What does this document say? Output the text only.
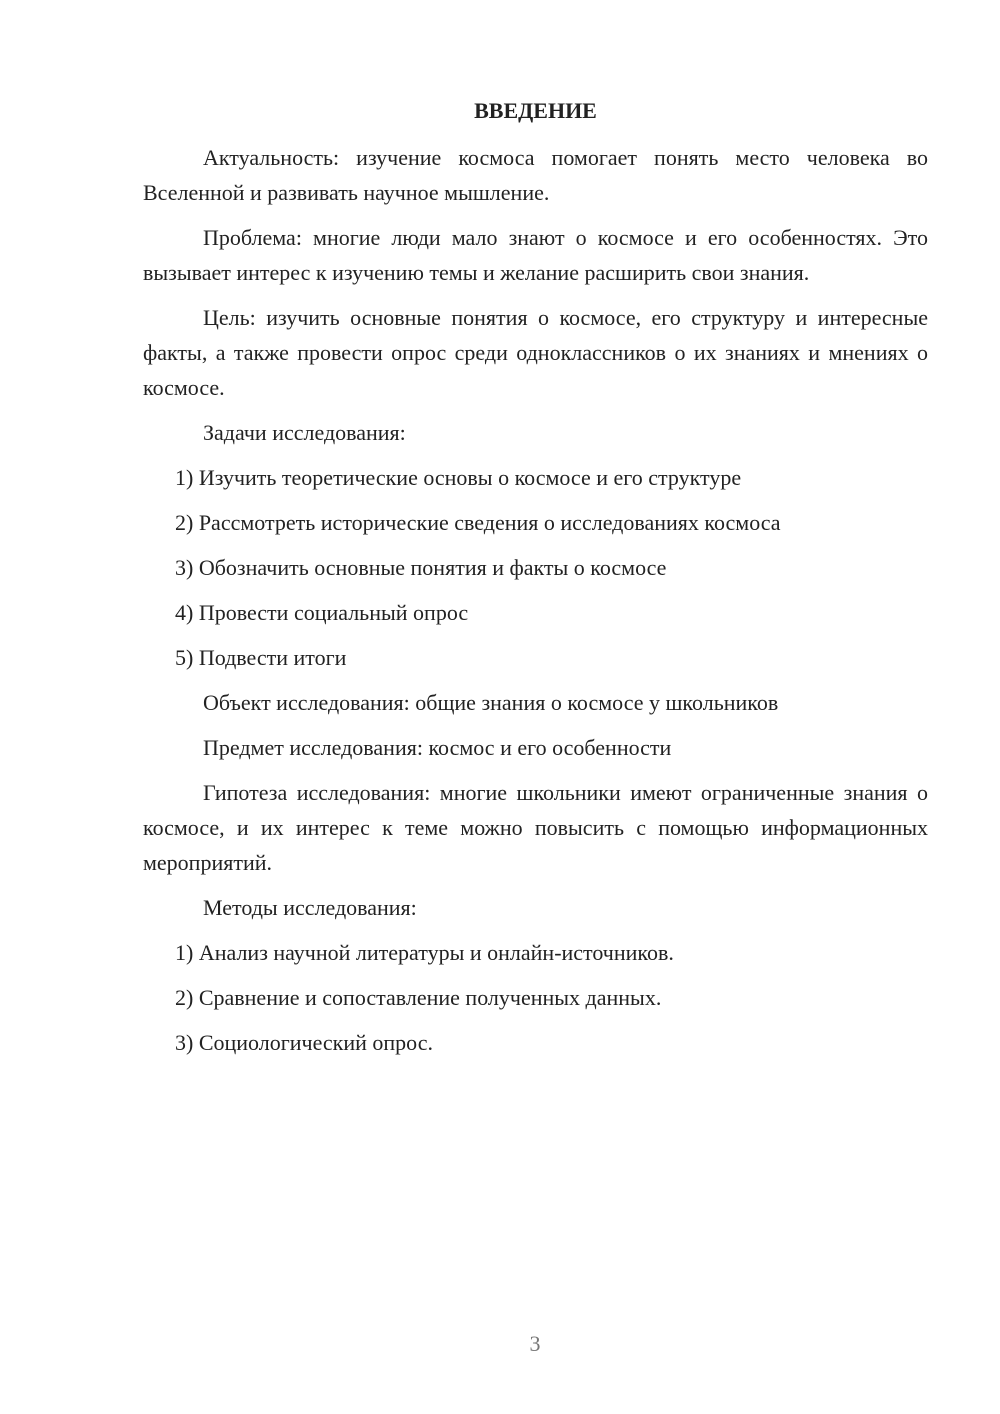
ВВЕДЕНИЕ

Актуальность: изучение космоса помогает понять место человека во Вселенной и развивать научное мышление.

Проблема: многие люди мало знают о космосе и его особенностях. Это вызывает интерес к изучению темы и желание расширить свои знания.

Цель: изучить основные понятия о космосе, его структуру и интересные факты, а также провести опрос среди одноклассников о их знаниях и мнениях о космосе.

Задачи исследования:

1) Изучить теоретические основы о космосе и его структуре
2) Рассмотреть исторические сведения о исследованиях космоса
3) Обозначить основные понятия и факты о космосе
4) Провести социальный опрос
5) Подвести итоги

Объект исследования: общие знания о космосе у школьников

Предмет исследования: космос и его особенности

Гипотеза исследования: многие школьники имеют ограниченные знания о космосе, и их интерес к теме можно повысить с помощью информационных мероприятий.

Методы исследования:

1) Анализ научной литературы и онлайн-источников.
2) Сравнение и сопоставление полученных данных.
3) Социологический опрос.
3
